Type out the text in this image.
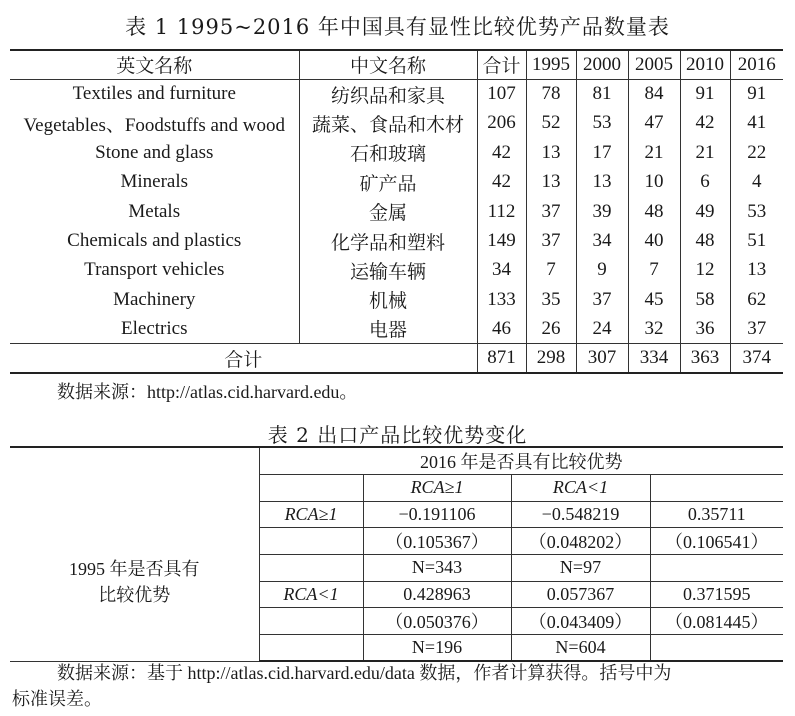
表 1 1995~2016 年中国具有显性比较优势产品数量表
英文名称	中文名称	合计	1995	2000	2005	2010	2016
Textiles and furniture	纺织品和家具	107	78	81	84	91	91
Vegetables、Foodstuffs and wood	蔬菜、食品和木材	206	52	53	47	42	41
Stone and glass	石和玻璃	42	13	17	21	21	22
Minerals	矿产品	42	13	13	10	6	4
Metals	金属	112	37	39	48	49	53
Chemicals and plastics	化学品和塑料	149	37	34	40	48	51
Transport vehicles	运输车辆	34	7	9	7	12	13
Machinery	机械	133	35	37	45	58	62
Electrics	电器	46	26	24	32	36	37
合计		871	298	307	334	363	374
数据来源：http://atlas.cid.harvard.edu。
表 2 出口产品比较优势变化
	2016 年是否具有比较优势			
		RCA≥1	RCA<1	

1995 年是否具有
比较优势	RCA≥1	−0.191106	−0.548219	0.35711
		（0.105367）	（0.048202）	（0.106541）
		N=343	N=97	
	RCA<1	0.428963	0.057367	0.371595
		（0.050376）	（0.043409）	（0.081445）
		N=196	N=604	
数据来源：基于 http://atlas.cid.harvard.edu/data 数据，作者计算获得。括号中为
标准误差。
